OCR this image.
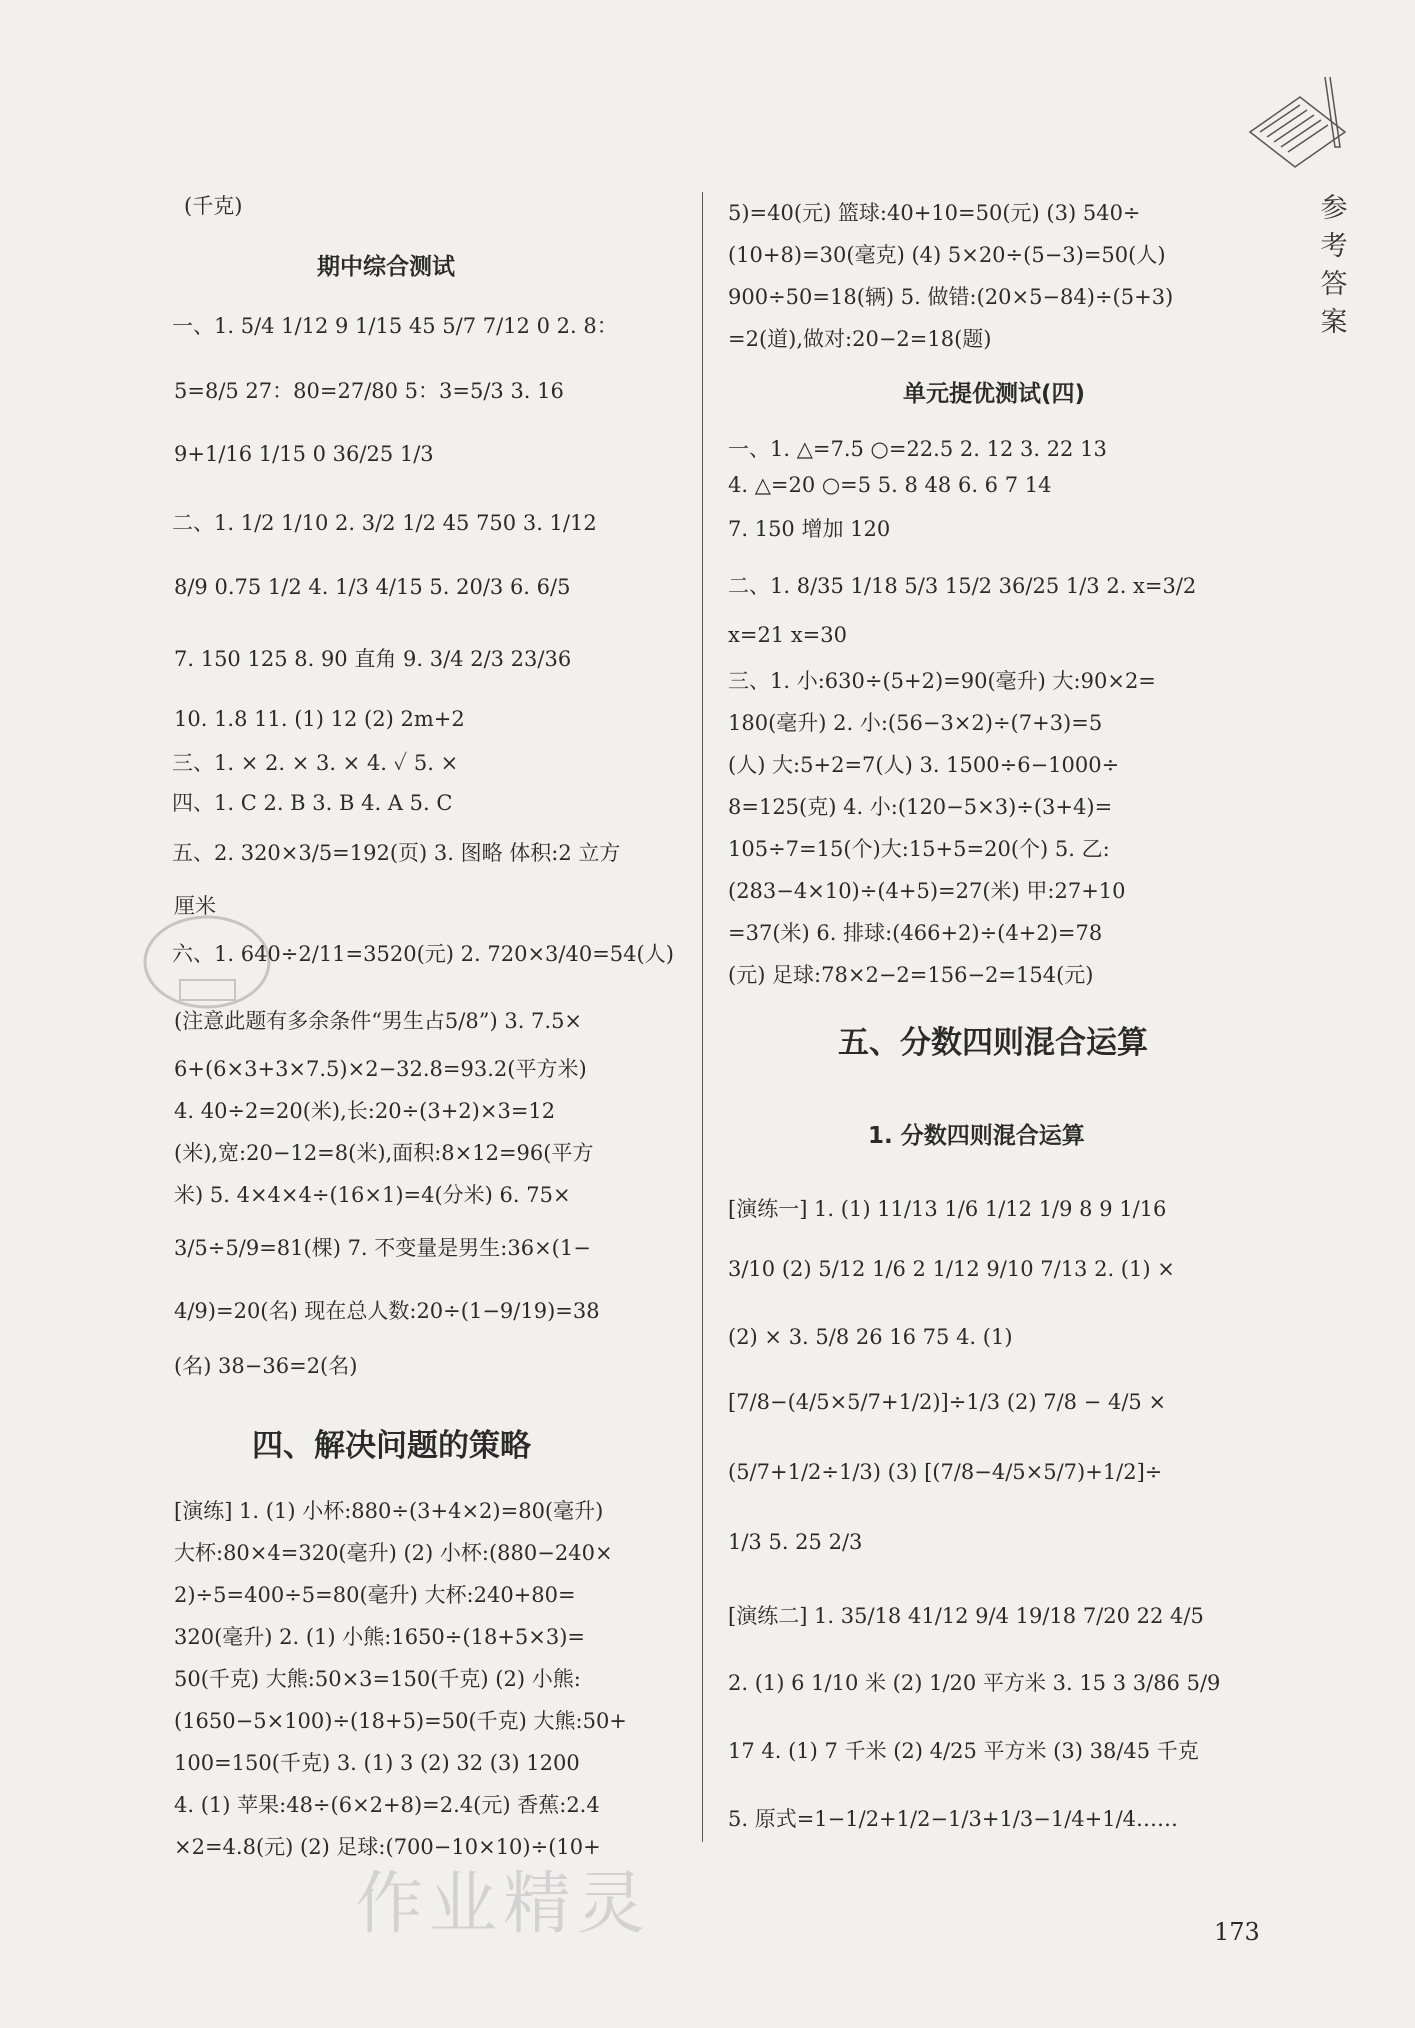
参考答案
(千克)
期中综合测试
一、1. 5/4 1/12 9 1/15 45 5/7 7/12 0 2. 8：
5=8/5 27：80=27/80 5：3=5/3 3. 16
9+1/16 1/15 0 36/25 1/3
二、1. 1/2 1/10 2. 3/2 1/2 45 750 3. 1/12
8/9 0.75 1/2 4. 1/3 4/15 5. 20/3 6. 6/5
7. 150 125 8. 90 直角 9. 3/4 2/3 23/36
10. 1.8 11. (1) 12 (2) 2m+2
三、1. × 2. × 3. × 4. ✓ 5. ×
四、1. C 2. B 3. B 4. A 5. C
五、2. 320×3/5=192(页) 3. 图略 体积:2 立方
厘米
六、1. 640÷2/11=3520(元) 2. 720×3/40=54(人)
(注意此题有多余条件“男生占5/8”) 3. 7.5×
6+(6×3+3×7.5)×2−32.8=93.2(平方米)
4. 40÷2=20(米),长:20÷(3+2)×3=12
(米),宽:20−12=8(米),面积:8×12=96(平方
米) 5. 4×4×4÷(16×1)=4(分米) 6. 75×
3/5÷5/9=81(棵) 7. 不变量是男生:36×(1−
4/9)=20(名) 现在总人数:20÷(1−9/19)=38
(名) 38−36=2(名)
四、解决问题的策略
[演练] 1. (1) 小杯:880÷(3+4×2)=80(毫升)
大杯:80×4=320(毫升) (2) 小杯:(880−240×
2)÷5=400÷5=80(毫升) 大杯:240+80=
320(毫升) 2. (1) 小熊:1650÷(18+5×3)=
50(千克) 大熊:50×3=150(千克) (2) 小熊:
(1650−5×100)÷(18+5)=50(千克) 大熊:50+
100=150(千克) 3. (1) 3 (2) 32 (3) 1200
4. (1) 苹果:48÷(6×2+8)=2.4(元) 香蕉:2.4
×2=4.8(元) (2) 足球:(700−10×10)÷(10+
5)=40(元) 篮球:40+10=50(元) (3) 540÷
(10+8)=30(毫克) (4) 5×20÷(5−3)=50(人)
900÷50=18(辆) 5. 做错:(20×5−84)÷(5+3)
=2(道),做对:20−2=18(题)
单元提优测试(四)
一、1. △=7.5 ○=22.5 2. 12 3. 22 13
4. △=20 ○=5 5. 8 48 6. 6 7 14
7. 150 增加 120
二、1. 8/35 1/18 5/3 15/2 36/25 1/3 2. x=3/2
x=21 x=30
三、1. 小:630÷(5+2)=90(毫升) 大:90×2=
180(毫升) 2. 小:(56−3×2)÷(7+3)=5
(人) 大:5+2=7(人) 3. 1500÷6−1000÷
8=125(克) 4. 小:(120−5×3)÷(3+4)=
105÷7=15(个)大:15+5=20(个) 5. 乙:
(283−4×10)÷(4+5)=27(米) 甲:27+10
=37(米) 6. 排球:(466+2)÷(4+2)=78
(元) 足球:78×2−2=156−2=154(元)
五、分数四则混合运算
1. 分数四则混合运算
[演练一] 1. (1) 11/13 1/6 1/12 1/9 8 9 1/16
3/10 (2) 5/12 1/6 2 1/12 9/10 7/13 2. (1) ×
(2) × 3. 5/8 26 16 75 4. (1)
[7/8−(4/5×5/7+1/2)]÷1/3 (2) 7/8 − 4/5 ×
(5/7+1/2÷1/3) (3) [(7/8−4/5×5/7)+1/2]÷
1/3 5. 25 2/3
[演练二] 1. 35/18 41/12 9/4 19/18 7/20 22 4/5
2. (1) 6 1/10 米 (2) 1/20 平方米 3. 15 3 3/86 5/9
17 4. (1) 7 千米 (2) 4/25 平方米 (3) 38/45 千克
5. 原式=1−1/2+1/2−1/3+1/3−1/4+1/4……
作业精灵	173
